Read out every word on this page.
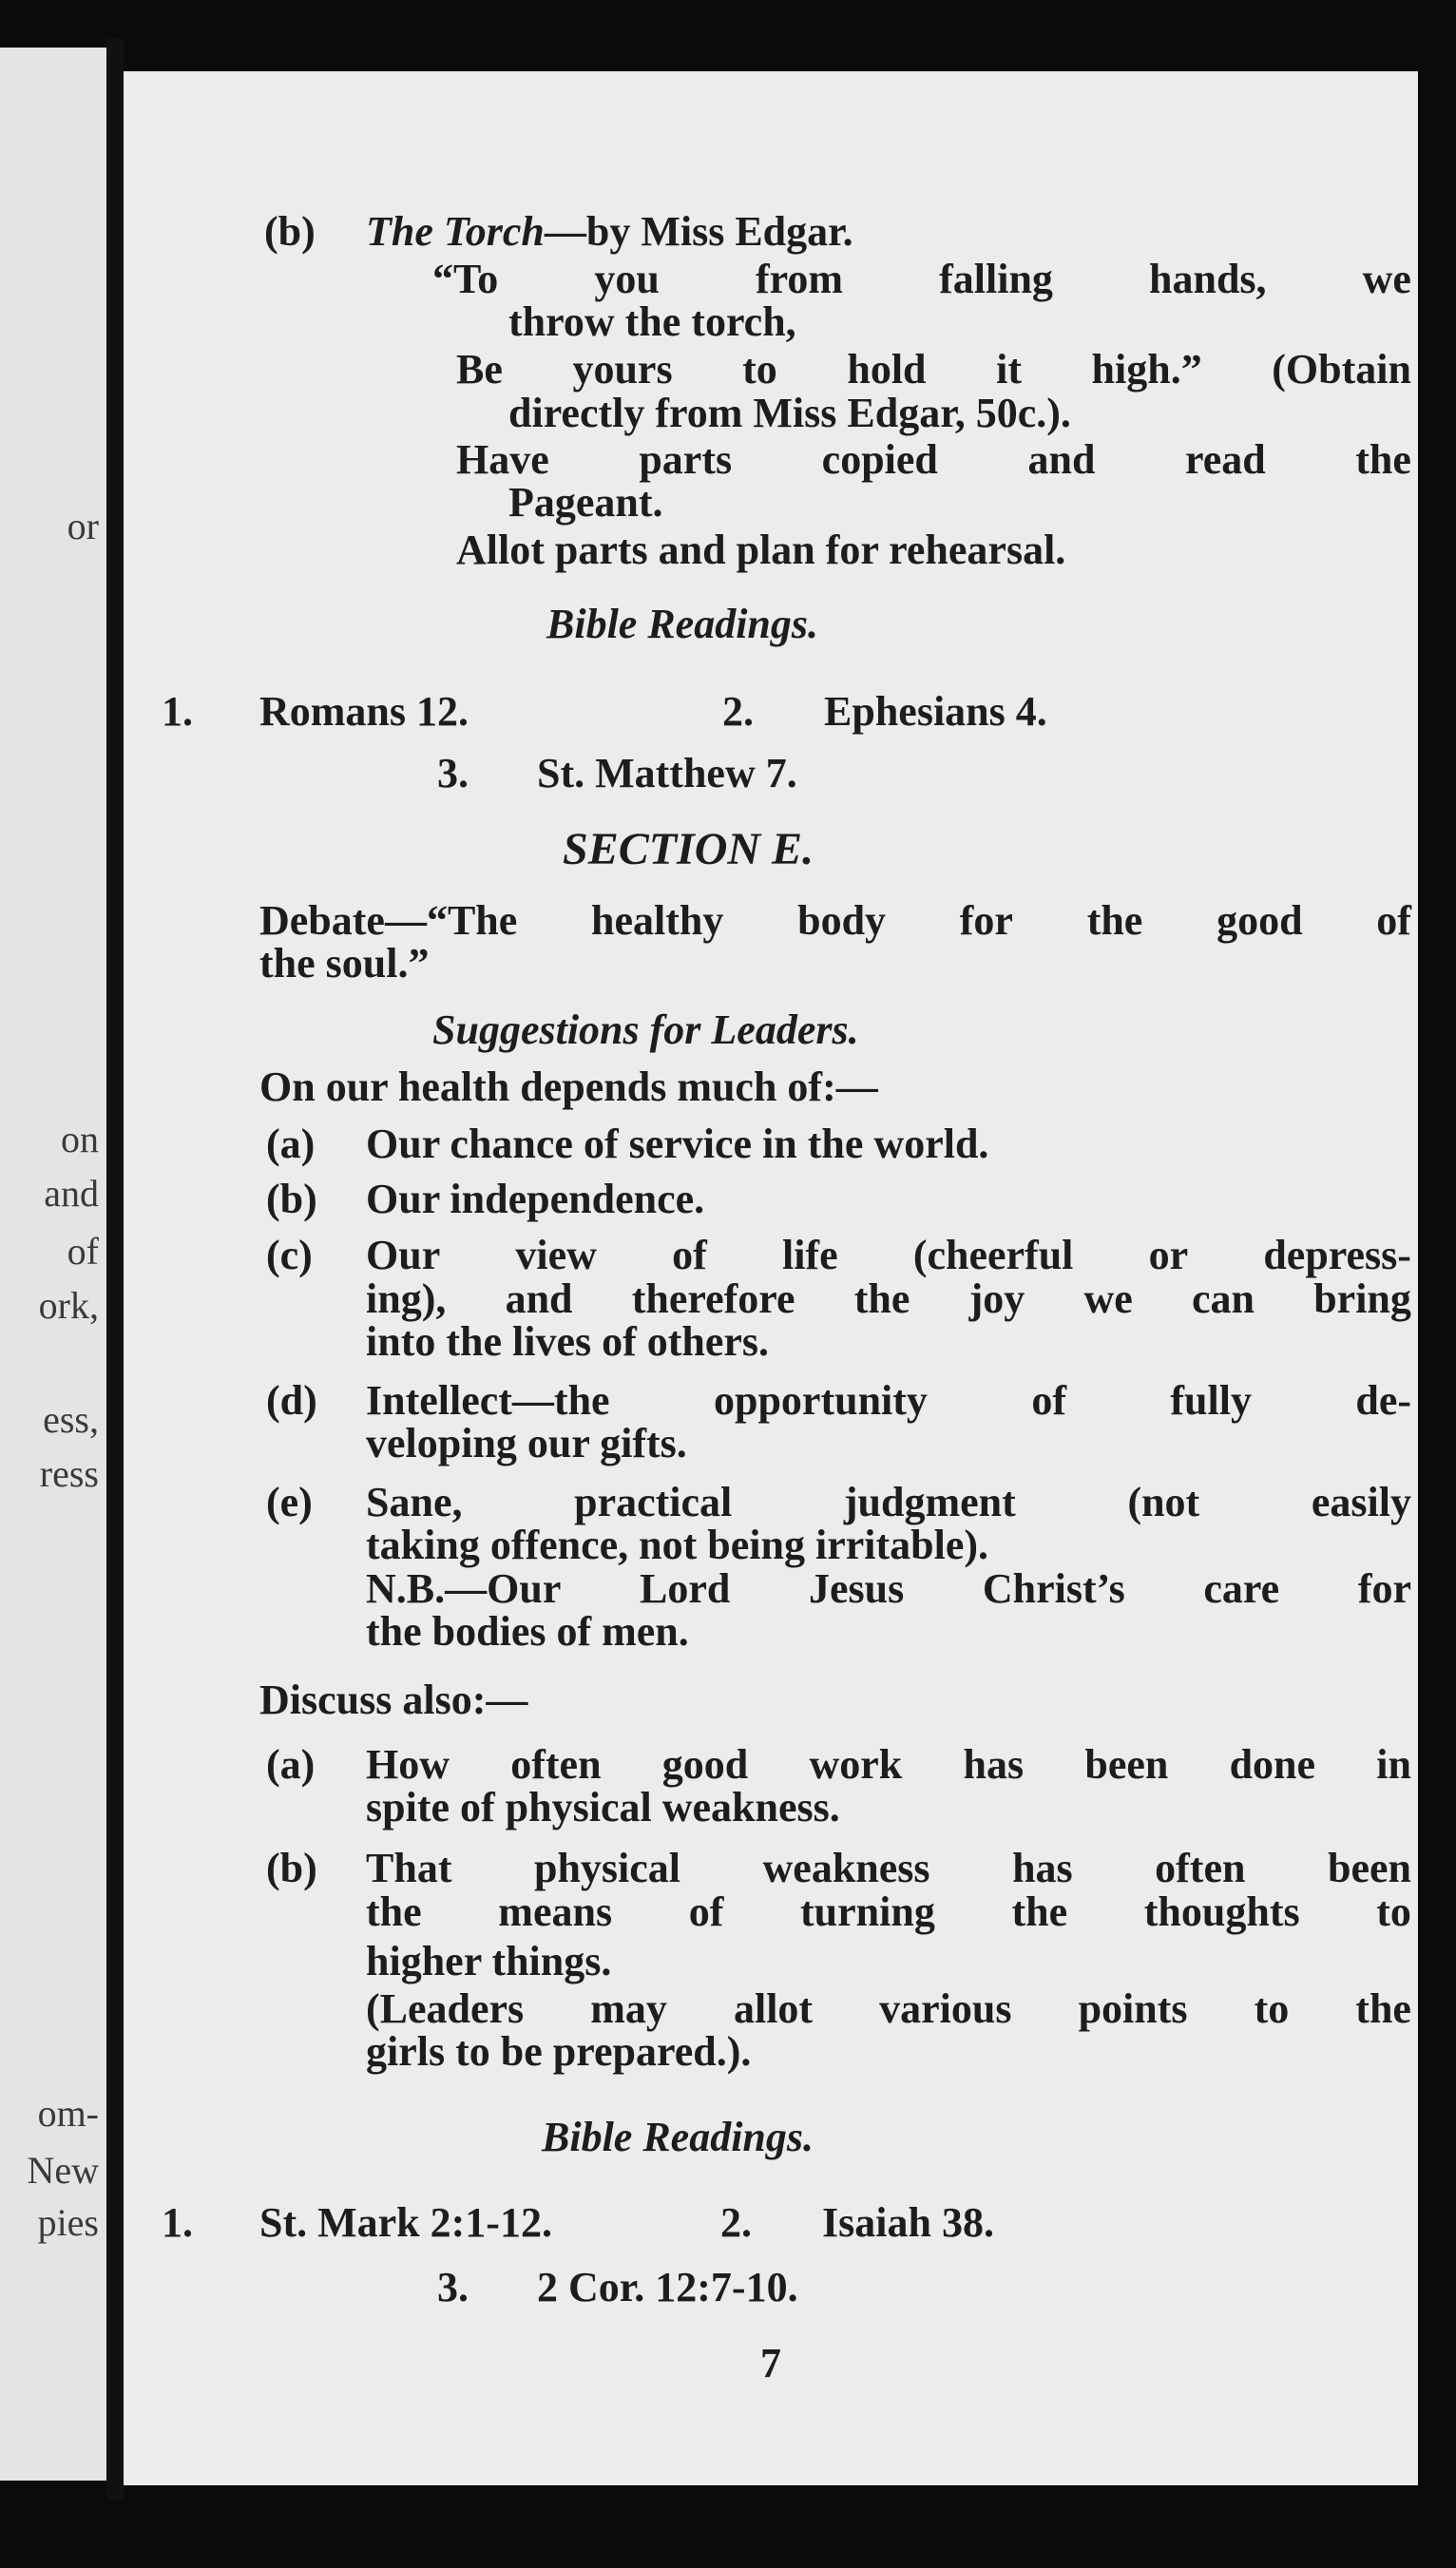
or
on
and
of
ork,
ess,
ress
om-
New
pies
(b) The Torch—by Miss Edgar.
“To you from falling hands, we
throw the torch,
Be yours to hold it high.” (Obtain
directly from Miss Edgar, 50c.).
Have parts copied and read the
Pageant.
Allot parts and plan for rehearsal.
Bible Readings.
1. Romans 12.	2. Ephesians 4.
3. St. Matthew 7.
SECTION E.
Debate—“The healthy body for the good of
the soul.”
Suggestions for Leaders.
On our health depends much of:—
(a) Our chance of service in the world.
(b) Our independence.
(c) Our view of life (cheerful or depress-
ing), and therefore the joy we can bring
into the lives of others.
(d) Intellect—the opportunity of fully de-
veloping our gifts.
(e) Sane,	practical	judgment	(not	easily
taking offence, not being irritable).
N.B.—Our Lord Jesus Christ’s care for
the bodies of men.
Discuss also:—
(a) How often good work has been done in
spite of physical weakness.
(b) That physical weakness has often been
the means of turning the thoughts to
higher things.
(Leaders may allot various points to the
girls to be prepared.).
Bible Readings.
1. St. Mark 2:1-12.	2. Isaiah 38.
3. 2 Cor. 12:7-10.
7
